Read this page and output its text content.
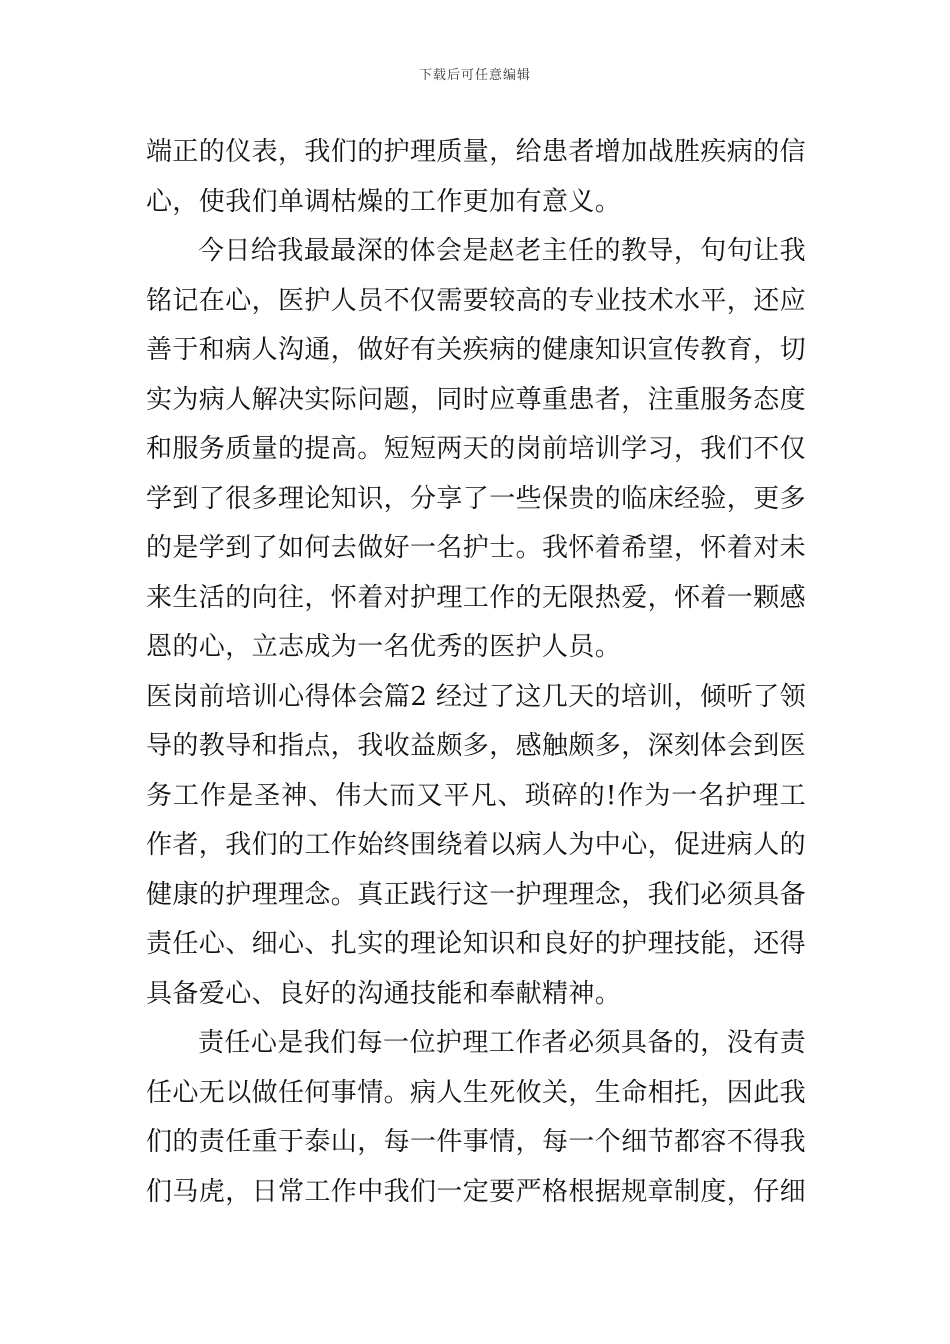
下载后可任意编辑

端正的仪表，我们的护理质量，给患者增加战胜疾病的信心，使我们单调枯燥的工作更加有意义。

今日给我最最深的体会是赵老主任的教导，句句让我铭记在心，医护人员不仅需要较高的专业技术水平，还应善于和病人沟通，做好有关疾病的健康知识宣传教育，切实为病人解决实际问题，同时应尊重患者，注重服务态度和服务质量的提高。短短两天的岗前培训学习，我们不仅学到了很多理论知识，分享了一些保贵的临床经验，更多的是学到了如何去做好一名护士。我怀着希望，怀着对未来生活的向往，怀着对护理工作的无限热爱，怀着一颗感恩的心，立志成为一名优秀的医护人员。

医岗前培训心得体会篇2 经过了这几天的培训，倾听了领导的教导和指点，我收益颇多，感触颇多，深刻体会到医务工作是圣神、伟大而又平凡、琐碎的!作为一名护理工作者，我们的工作始终围绕着以病人为中心，促进病人的健康的护理理念。真正践行这一护理理念，我们必须具备责任心、细心、扎实的理论知识和良好的护理技能，还得具备爱心、良好的沟通技能和奉献精神。

责任心是我们每一位护理工作者必须具备的，没有责任心无以做任何事情。病人生死攸关，生命相托，因此我们的责任重于泰山，每一件事情，每一个细节都容不得我们马虎，日常工作中我们一定要严格根据规章制度，仔细
